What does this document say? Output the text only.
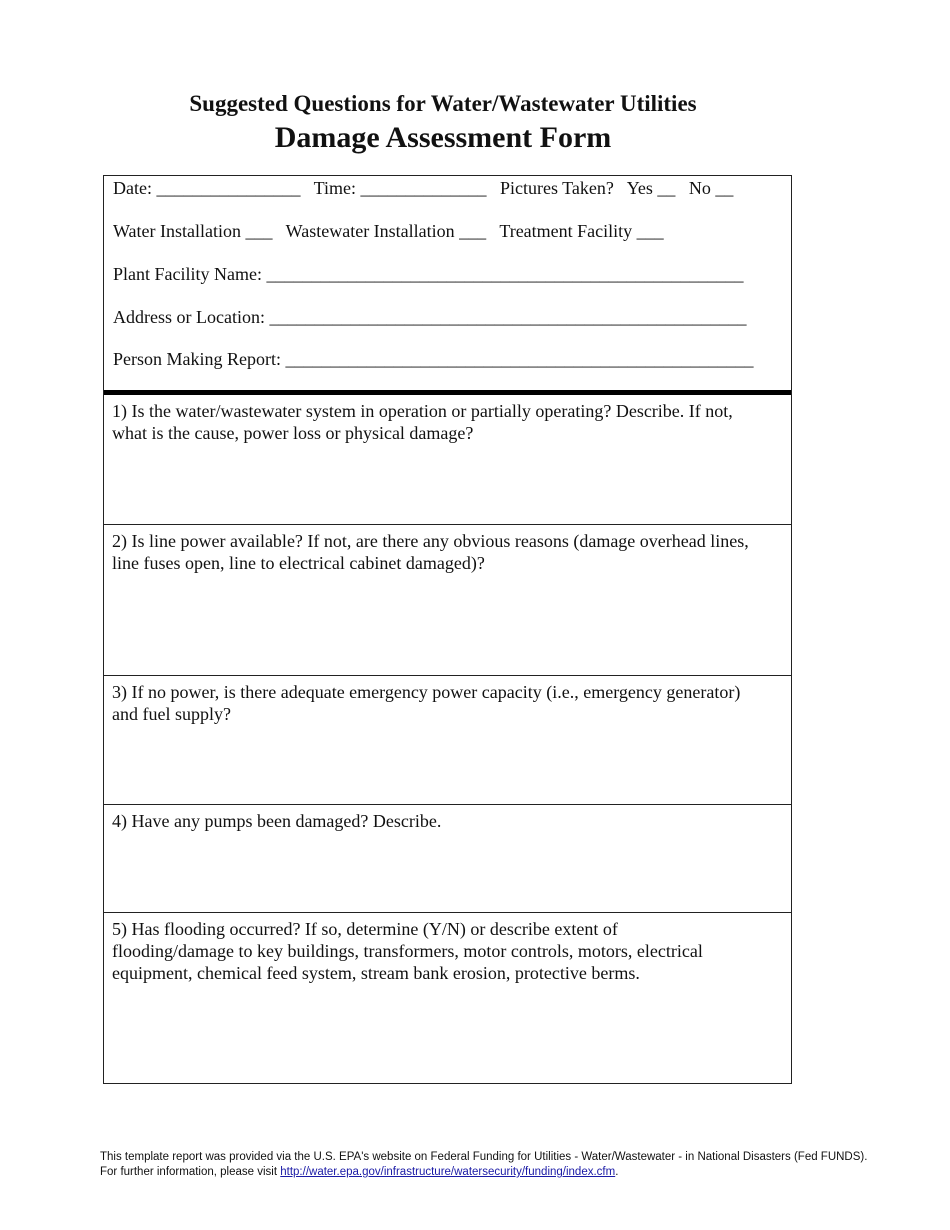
Suggested Questions for Water/Wastewater Utilities
Damage Assessment Form
Date: ________________   Time: ______________   Pictures Taken?   Yes __   No __
Water Installation ___   Wastewater Installation ___   Treatment Facility ___
Plant Facility Name: _____________________________________________________
Address or Location: _____________________________________________________
Person Making Report: ____________________________________________________
1) Is the water/wastewater system in operation or partially operating? Describe. If not,
what is the cause, power loss or physical damage?
2) Is line power available? If not, are there any obvious reasons (damage overhead lines,
line fuses open, line to electrical cabinet damaged)?
3) If no power, is there adequate emergency power capacity (i.e., emergency generator)
and fuel supply?
4) Have any pumps been damaged? Describe.
5) Has flooding occurred? If so, determine (Y/N) or describe extent of
flooding/damage to key buildings, transformers, motor controls, motors, electrical
equipment, chemical feed system, stream bank erosion, protective berms.
This template report was provided via the U.S. EPA's website on Federal Funding for Utilities - Water/Wastewater - in National Disasters (Fed FUNDS).
For further information, please visit http://water.epa.gov/infrastructure/watersecurity/funding/index.cfm.
